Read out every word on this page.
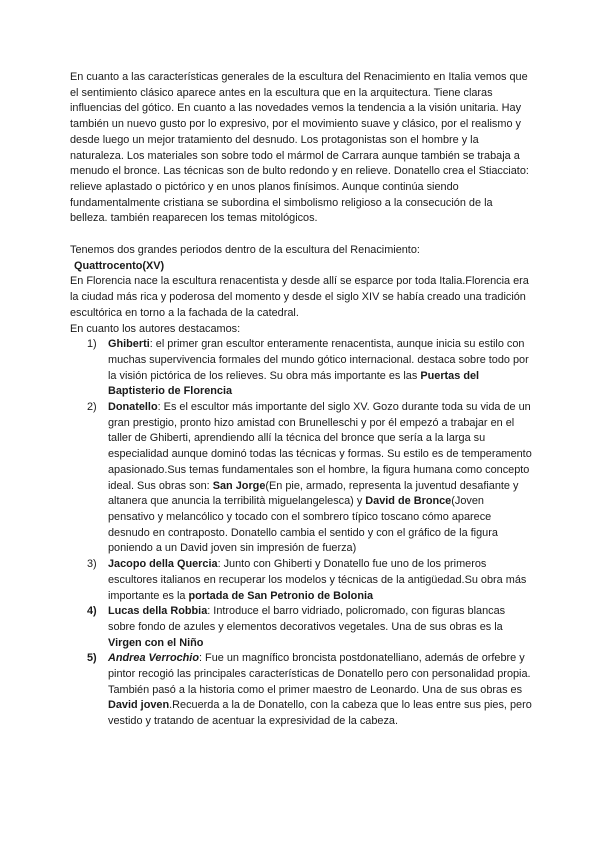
En cuanto a las características generales de la escultura del Renacimiento en Italia vemos que el sentimiento clásico aparece antes en la escultura que en la arquitectura. Tiene claras influencias del gótico. En cuanto a las novedades vemos la tendencia a la visión unitaria. Hay también un nuevo gusto por lo expresivo, por el movimiento suave y clásico, por el realismo y desde luego un mejor tratamiento del desnudo. Los protagonistas son el hombre y la naturaleza. Los materiales son sobre todo el mármol de Carrara aunque también se trabaja a menudo el bronce. Las técnicas son de bulto redondo y en relieve. Donatello crea el Stiacciato: relieve aplastado o pictórico y en unos planos finísimos. Aunque continúa siendo fundamentalmente cristiana se subordina el simbolismo religioso a la consecución de la belleza. también reaparecen los temas mitológicos.

Tenemos dos grandes periodos dentro de la escultura del Renacimiento:

Quattrocento(XV)

En Florencia nace la escultura renacentista y desde allí se esparce por toda Italia.Florencia era la ciudad más rica y poderosa del momento y desde el siglo XIV se había creado una tradición escultórica en torno a la fachada de la catedral.

En cuanto los autores destacamos:

1) Ghiberti: el primer gran escultor enteramente renacentista, aunque inicia su estilo con muchas supervivencia formales del mundo gótico internacional. destaca sobre todo por la visión pictórica de los relieves. Su obra más importante es las Puertas del Baptisterio de Florencia
2) Donatello: Es el escultor más importante del siglo XV. Gozo durante toda su vida de un gran prestigio, pronto hizo amistad con Brunelleschi y por él empezó a trabajar en el taller de Ghiberti, aprendiendo allí la técnica del bronce que sería a la larga su especialidad aunque dominó todas las técnicas y formas. Su estilo es de temperamento apasionado.Sus temas fundamentales son el hombre, la figura humana como concepto ideal. Sus obras son: San Jorge(En pie, armado, representa la juventud desafiante y altanera que anuncia la terribilità miguelangelesca) y David de Bronce(Joven pensativo y melancólico y tocado con el sombrero típico toscano cómo aparece desnudo en contraposto. Donatello cambia el sentido y con el gráfico de la figura poniendo a un David joven sin impresión de fuerza)
3) Jacopo della Quercia: Junto con Ghiberti y Donatello fue uno de los primeros escultores italianos en recuperar los modelos y técnicas de la antigüedad.Su obra más importante es la portada de San Petronio de Bolonia
4) Lucas della Robbia: Introduce el barro vidriado, policromado, con figuras blancas sobre fondo de azules y elementos decorativos vegetales. Una de sus obras es la Virgen con el Niño
5) Andrea Verrochio: Fue un magnífico broncista postdonatelliano, además de orfebre y pintor recogió las principales características de Donatello pero con personalidad propia. También pasó a la historia como el primer maestro de Leonardo. Una de sus obras es David joven.Recuerda a la de Donatello, con la cabeza que lo leas entre sus pies, pero vestido y tratando de acentuar la expresividad de la cabeza.
